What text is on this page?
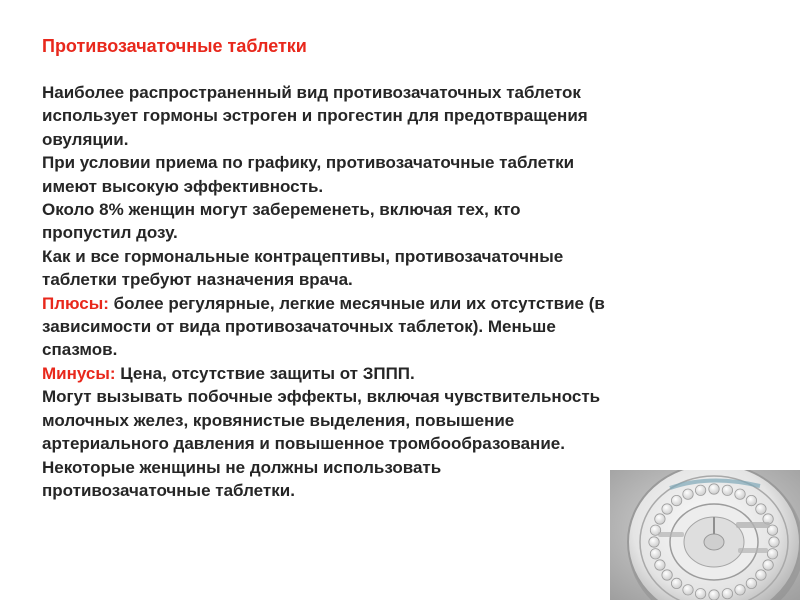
Противозачаточные таблетки

Наиболее распространенный вид противозачаточных таблеток
использует гормоны эстроген и прогестин для предотвращения
овуляции.

При условии приема по графику, противозачаточные таблетки
имеют высокую эффективность.

Около 8% женщин могут забеременеть, включая тех, кто
пропустил дозу.

Как и все гормональные контрацептивы, противозачаточные
таблетки требуют назначения врача.

Плюсы: более регулярные, легкие месячные или их отсутствие (в
зависимости от вида противозачаточных таблеток). Меньше
спазмов.

Минусы: Цена, отсутствие защиты от ЗППП.

Могут вызывать побочные эффекты, включая чувствительность
молочных желез, кровянистые выделения, повышение
артериального давления и повышенное тромбообразование.

Некоторые женщины не должны использовать
противозачаточные таблетки.
